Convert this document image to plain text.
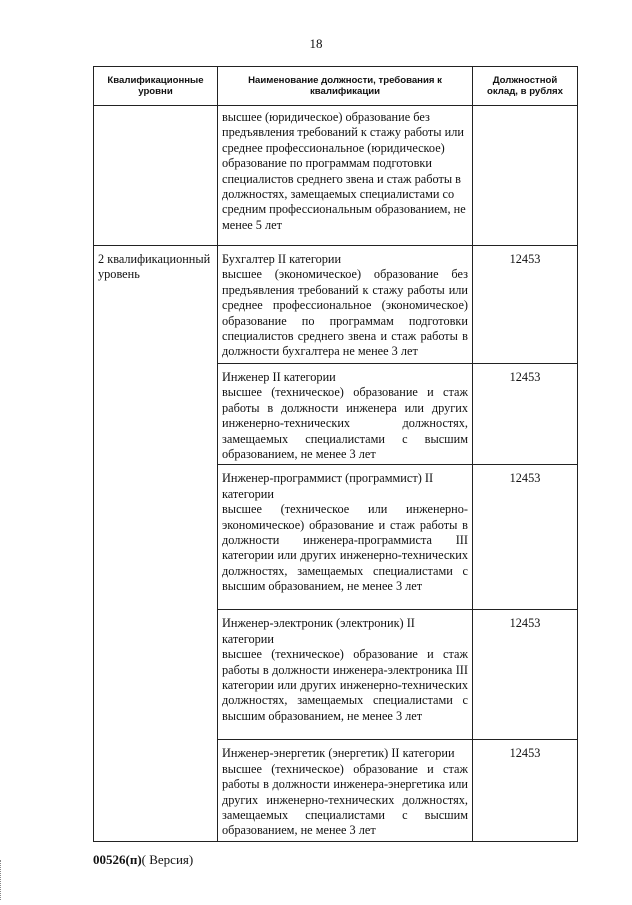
18
Квалификационные уровни	Наименование должности, требования к квалификации	Должностной оклад, в рублях

	высшее (юридическое) образование без предъявления требований к стажу работы или среднее профессиональное (юридическое) образование по программам подготовки специалистов среднего звена и стаж работы в должностях, замещаемых специалистами со средним профессиональным образованием, не менее 5 лет	

2 квалификационный уровень	Бухгалтер II категории
высшее (экономическое) образование без предъявления требований к стажу работы или среднее профессиональное (экономическое) образование по программам подготовки специалистов среднего звена и стаж работы в должности бухгалтера не менее 3 лет	12453

	Инженер II категории
высшее (техническое) образование и стаж работы в должности инженера или других инженерно-технических должностях, замещаемых специалистами с высшим образованием, не менее 3 лет	12453

	Инженер-программист (программист) II категории
высшее (техническое или инженерно-экономическое) образование и стаж работы в должности инженера-программиста III категории или других инженерно-технических должностях, замещаемых специалистами с высшим образованием, не менее 3 лет	12453

	Инженер-электроник (электроник) II категории
высшее (техническое) образование и стаж работы в должности инженера-электроника III категории или других инженерно-технических должностях, замещаемых специалистами с высшим образованием, не менее 3 лет	12453

	Инженер-энергетик (энергетик) II категории
высшее (техническое) образование и стаж работы в должности инженера-энергетика или других инженерно-технических должностях, замещаемых специалистами с высшим образованием, не менее 3 лет	12453
00526(п)( Версия)
